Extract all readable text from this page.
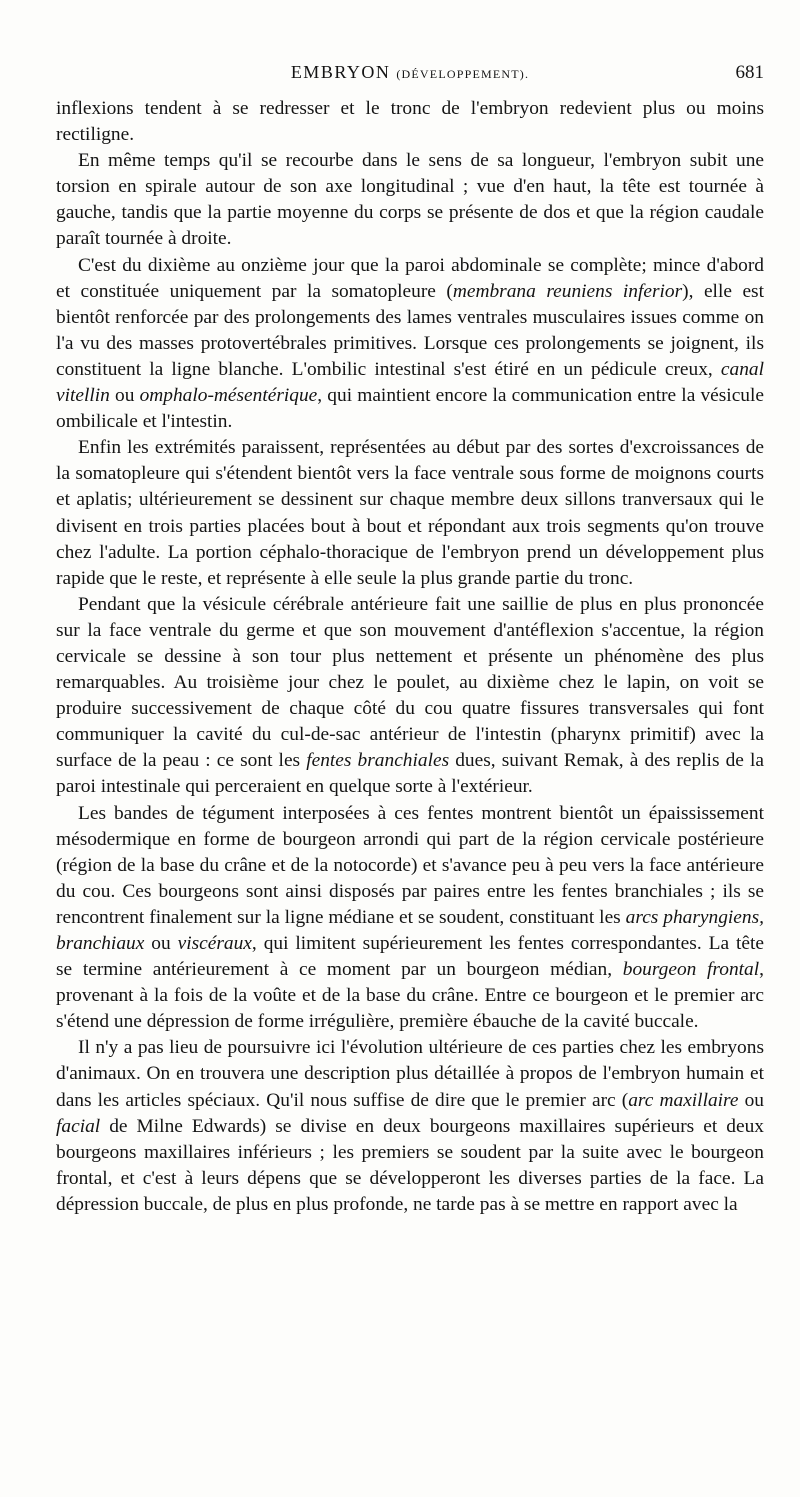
EMBRYON (DÉVELOPPEMENT).	681

inflexions tendent à se redresser et le tronc de l'embryon redevient plus ou moins rectiligne.

En même temps qu'il se recourbe dans le sens de sa longueur, l'embryon subit une torsion en spirale autour de son axe longitudinal ; vue d'en haut, la tête est tournée à gauche, tandis que la partie moyenne du corps se présente de dos et que la région caudale paraît tournée à droite.

C'est du dixième au onzième jour que la paroi abdominale se complète; mince d'abord et constituée uniquement par la somatopleure (membrana reuniens inferior), elle est bientôt renforcée par des prolongements des lames ventrales musculaires issues comme on l'a vu des masses protovertébrales primitives. Lorsque ces prolongements se joignent, ils constituent la ligne blanche. L'ombilic intestinal s'est étiré en un pédicule creux, canal vitellin ou omphalo-mésentérique, qui maintient encore la communication entre la vésicule ombilicale et l'intestin.

Enfin les extrémités paraissent, représentées au début par des sortes d'excroissances de la somatopleure qui s'étendent bientôt vers la face ventrale sous forme de moignons courts et aplatis; ultérieurement se dessinent sur chaque membre deux sillons tranversaux qui le divisent en trois parties placées bout à bout et répondant aux trois segments qu'on trouve chez l'adulte. La portion céphalo-thoracique de l'embryon prend un développement plus rapide que le reste, et représente à elle seule la plus grande partie du tronc.

Pendant que la vésicule cérébrale antérieure fait une saillie de plus en plus prononcée sur la face ventrale du germe et que son mouvement d'antéflexion s'accentue, la région cervicale se dessine à son tour plus nettement et présente un phénomène des plus remarquables. Au troisième jour chez le poulet, au dixième chez le lapin, on voit se produire successivement de chaque côté du cou quatre fissures transversales qui font communiquer la cavité du cul-de-sac antérieur de l'intestin (pharynx primitif) avec la surface de la peau : ce sont les fentes branchiales dues, suivant Remak, à des replis de la paroi intestinale qui perceraient en quelque sorte à l'extérieur.

Les bandes de tégument interposées à ces fentes montrent bientôt un épaississement mésodermique en forme de bourgeon arrondi qui part de la région cervicale postérieure (région de la base du crâne et de la notocorde) et s'avance peu à peu vers la face antérieure du cou. Ces bourgeons sont ainsi disposés par paires entre les fentes branchiales ; ils se rencontrent finalement sur la ligne médiane et se soudent, constituant les arcs pharyngiens, branchiaux ou viscéraux, qui limitent supérieurement les fentes correspondantes. La tête se termine antérieurement à ce moment par un bourgeon médian, bourgeon frontal, provenant à la fois de la voûte et de la base du crâne. Entre ce bourgeon et le premier arc s'étend une dépression de forme irrégulière, première ébauche de la cavité buccale.

Il n'y a pas lieu de poursuivre ici l'évolution ultérieure de ces parties chez les embryons d'animaux. On en trouvera une description plus détaillée à propos de l'embryon humain et dans les articles spéciaux. Qu'il nous suffise de dire que le premier arc (arc maxillaire ou facial de Milne Edwards) se divise en deux bourgeons maxillaires supérieurs et deux bourgeons maxillaires inférieurs ; les premiers se soudent par la suite avec le bourgeon frontal, et c'est à leurs dépens que se développeront les diverses parties de la face. La dépression buccale, de plus en plus profonde, ne tarde pas à se mettre en rapport avec la
